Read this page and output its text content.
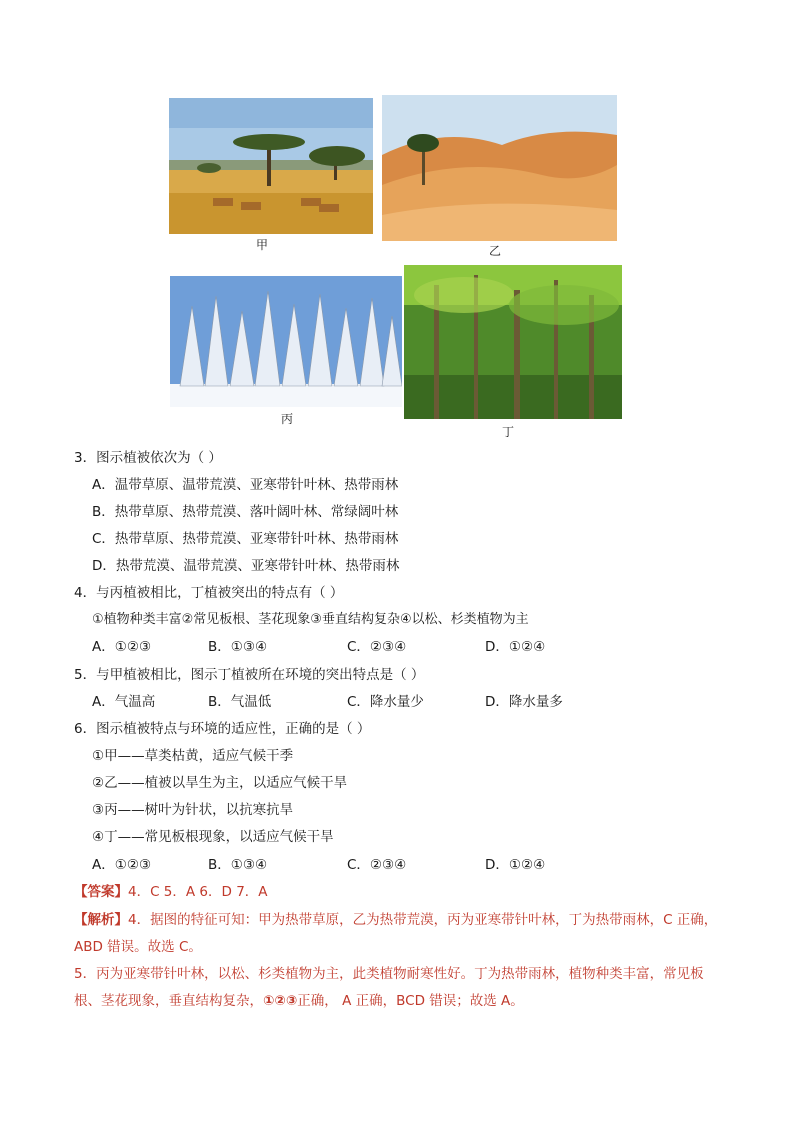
甲	乙
丙
丁
3．图示植被依次为（ ）
A．温带草原、温带荒漠、亚寒带针叶林、热带雨林
B．热带草原、热带荒漠、落叶阔叶林、常绿阔叶林
C．热带草原、热带荒漠、亚寒带针叶林、热带雨林
D．热带荒漠、温带荒漠、亚寒带针叶林、热带雨林
4．与丙植被相比，丁植被突出的特点有（ ）
①植物种类丰富②常见板根、茎花现象③垂直结构复杂④以松、杉类植物为主
A．①②③	B．①③④	C．②③④	D．①②④
5．与甲植被相比，图示丁植被所在环境的突出特点是（ ）
A．气温高	B．气温低	C．降水量少	D．降水量多
6．图示植被特点与环境的适应性，正确的是（ ）
①甲——草类枯黄，适应气候干季
②乙——植被以旱生为主，以适应气候干旱
③丙——树叶为针状，以抗寒抗旱
④丁——常见板根现象，以适应气候干旱
A．①②③	B．①③④	C．②③④	D．①②④
【答案】4．C 5．A 6．D 7．A
【解析】4．据图的特征可知：甲为热带草原，乙为热带荒漠，丙为亚寒带针叶林，丁为热带雨林，C 正确，
ABD 错误。故选 C。
5．丙为亚寒带针叶林，以松、杉类植物为主，此类植物耐寒性好。丁为热带雨林，植物种类丰富，常见板
根、茎花现象，垂直结构复杂，①②③正确， A 正确，BCD 错误；故选 A。
